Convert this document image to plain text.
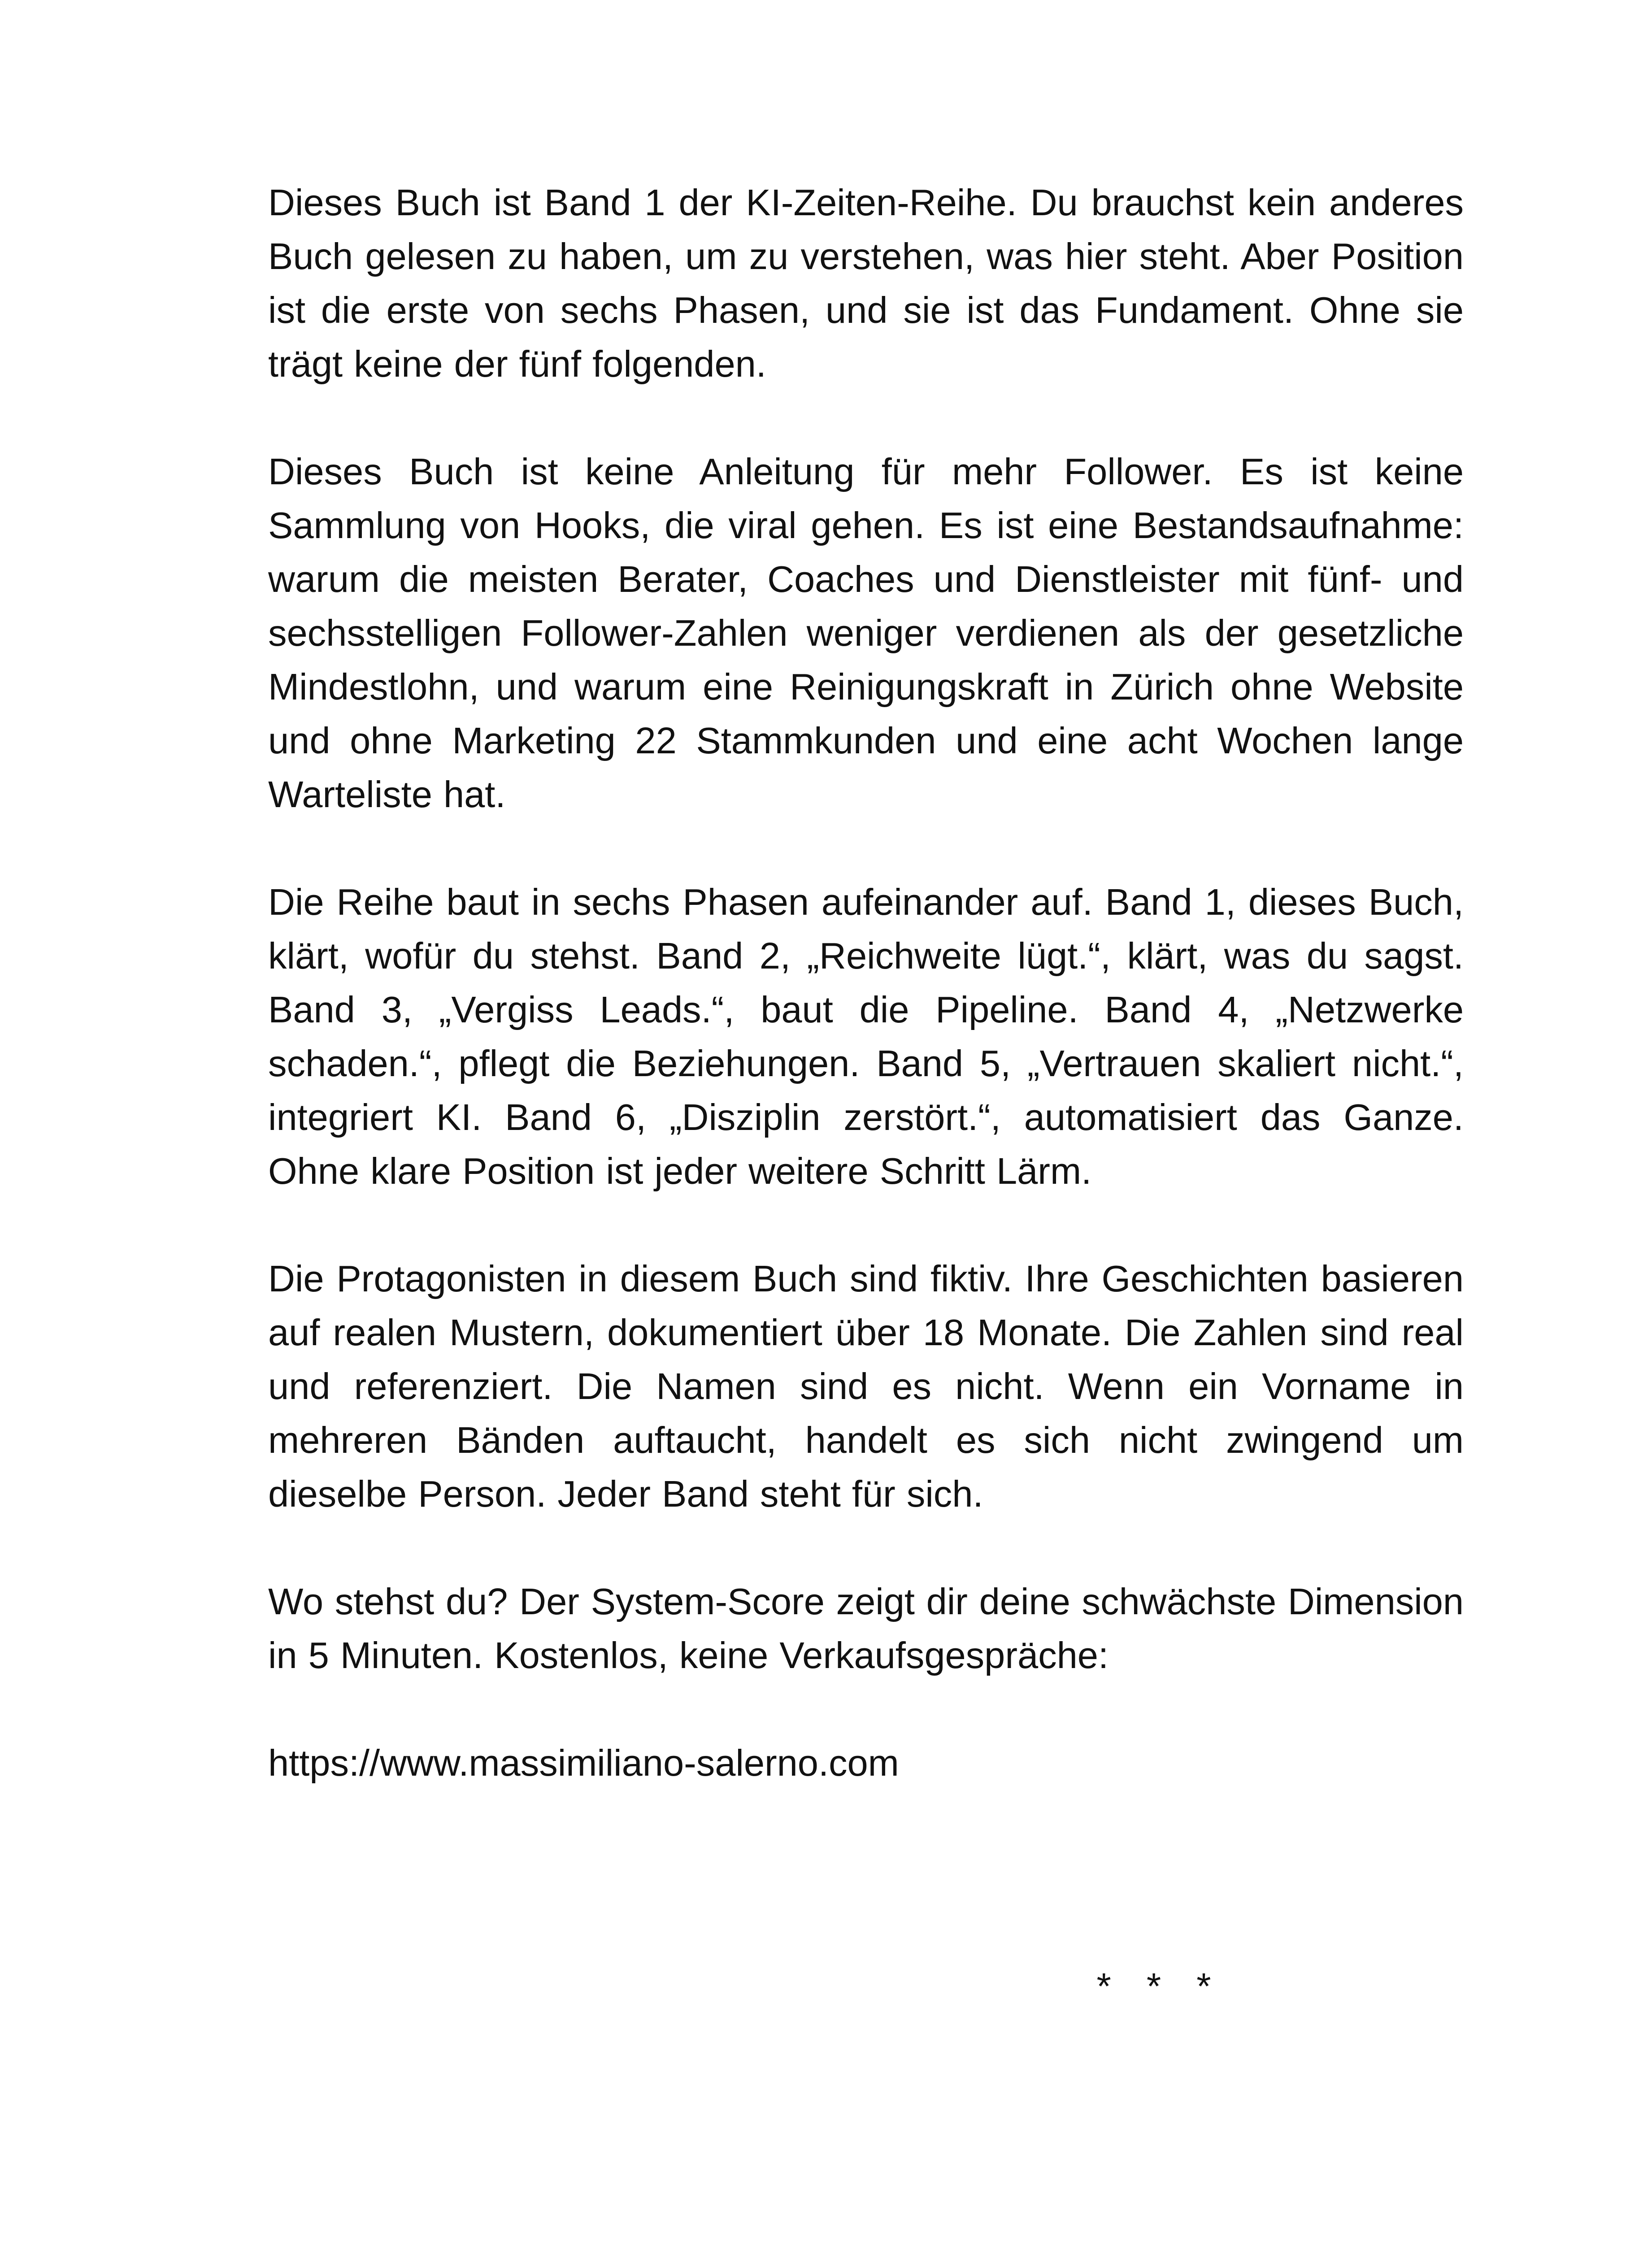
Dieses Buch ist Band 1 der KI-Zeiten-Reihe. Du brauchst kein anderes Buch gelesen zu haben, um zu verstehen, was hier steht. Aber Position ist die erste von sechs Phasen, und sie ist das Fundament. Ohne sie trägt keine der fünf folgenden.

Dieses Buch ist keine Anleitung für mehr Follower. Es ist keine Sammlung von Hooks, die viral gehen. Es ist eine Bestandsaufnahme: warum die meisten Berater, Coaches und Dienstleister mit fünf- und sechsstelligen Follower-Zahlen weniger verdienen als der gesetzliche Mindestlohn, und warum eine Reinigungskraft in Zürich ohne Website und ohne Marketing 22 Stammkunden und eine acht Wochen lange Warteliste hat.

Die Reihe baut in sechs Phasen aufeinander auf. Band 1, dieses Buch, klärt, wofür du stehst. Band 2, „Reichweite lügt.“, klärt, was du sagst. Band 3, „Vergiss Leads.“, baut die Pipeline. Band 4, „Netzwerke schaden.“, pflegt die Beziehungen. Band 5, „Vertrauen skaliert nicht.“, integriert KI. Band 6, „Disziplin zerstört.“, automatisiert das Ganze. Ohne klare Position ist jeder weitere Schritt Lärm.

Die Protagonisten in diesem Buch sind fiktiv. Ihre Geschichten basieren auf realen Mustern, dokumentiert über 18 Monate. Die Zahlen sind real und referenziert. Die Namen sind es nicht. Wenn ein Vorname in mehreren Bänden auftaucht, handelt es sich nicht zwingend um dieselbe Person. Jeder Band steht für sich.

Wo stehst du? Der System-Score zeigt dir deine schwächste Dimension in 5 Minuten. Kostenlos, keine Verkaufsgespräche:

https://www.massimiliano-salerno.com

* * *
